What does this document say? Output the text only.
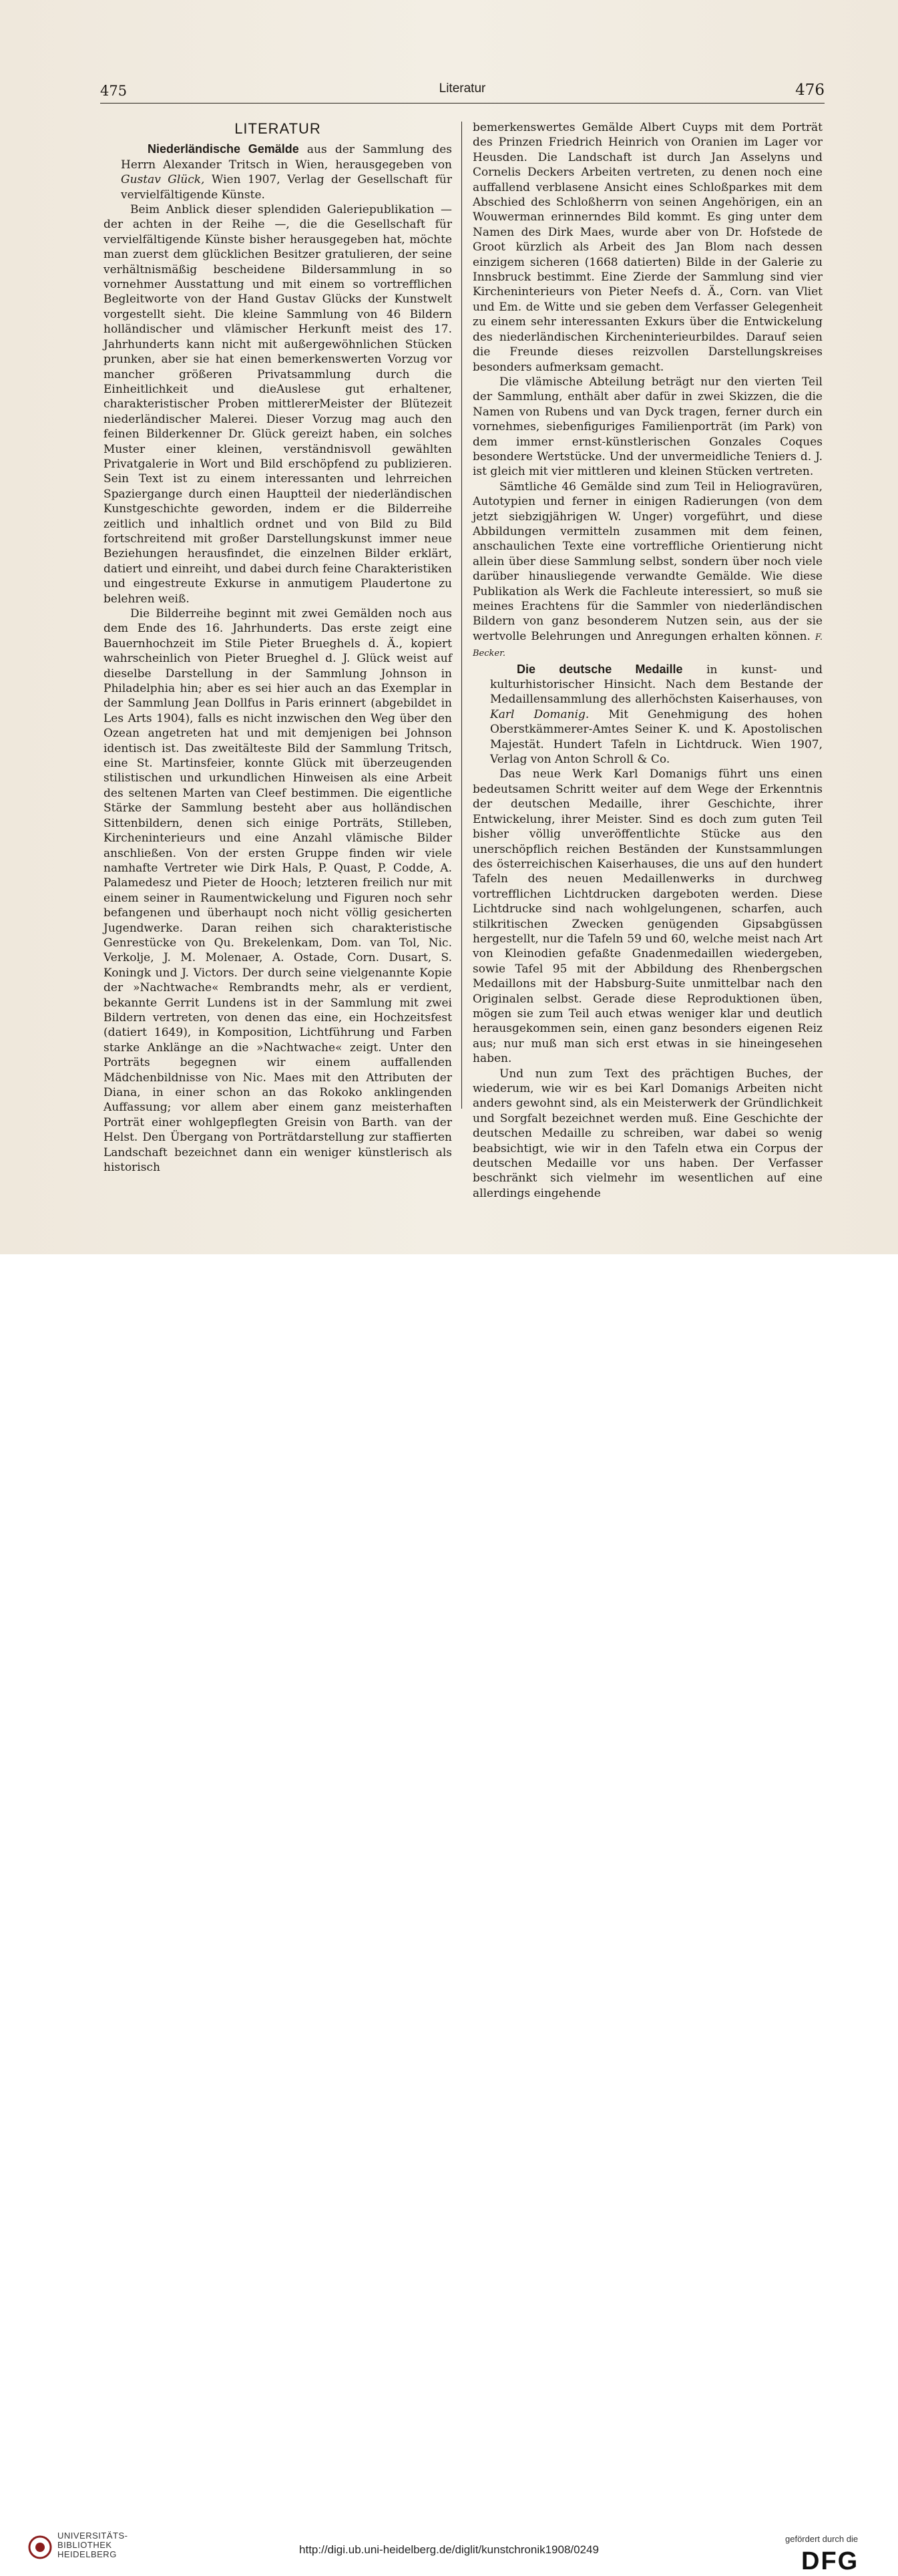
475	Literatur	476
LITERATUR

Niederländische Gemälde aus der Sammlung des Herrn Alexander Tritsch in Wien, herausgegeben von Gustav Glück, Wien 1907, Verlag der Gesellschaft für vervielfältigende Künste.

Beim Anblick dieser splendiden Galeriepublikation — der achten in der Reihe —, die die Gesellschaft für vervielfältigende Künste bisher herausgegeben hat, möchte man zuerst dem glücklichen Besitzer gratulieren, der seine verhältnismäßig bescheidene Bildersammlung in so vornehmer Ausstattung und mit einem so vortrefflichen Begleitworte von der Hand Gustav Glücks der Kunstwelt vorgestellt sieht. Die kleine Sammlung von 46 Bildern holländischer und vlämischer Herkunft meist des 17. Jahrhunderts kann nicht mit außergewöhnlichen Stücken prunken, aber sie hat einen bemerkenswerten Vorzug vor mancher größeren Privatsammlung durch die Einheitlichkeit und dieAuslese gut erhaltener, charakteristischer Proben mittlererMeister der Blütezeit niederländischer Malerei. Dieser Vorzug mag auch den feinen Bilderkenner Dr. Glück gereizt haben, ein solches Muster einer kleinen, verständnisvoll gewählten Privatgalerie in Wort und Bild erschöpfend zu publizieren. Sein Text ist zu einem interessanten und lehrreichen Spaziergange durch einen Hauptteil der niederländischen Kunstgeschichte geworden, indem er die Bilderreihe zeitlich und inhaltlich ordnet und von Bild zu Bild fortschreitend mit großer Darstellungskunst immer neue Beziehungen herausfindet, die einzelnen Bilder erklärt, datiert und einreiht, und dabei durch feine Charakteristiken und eingestreute Exkurse in anmutigem Plaudertone zu belehren weiß.

Die Bilderreihe beginnt mit zwei Gemälden noch aus dem Ende des 16. Jahrhunderts. Das erste zeigt eine Bauernhochzeit im Stile Pieter Brueghels d. Ä., kopiert wahrscheinlich von Pieter Brueghel d. J. Glück weist auf dieselbe Darstellung in der Sammlung Johnson in Philadelphia hin; aber es sei hier auch an das Exemplar in der Sammlung Jean Dollfus in Paris erinnert (abgebildet in Les Arts 1904), falls es nicht inzwischen den Weg über den Ozean angetreten hat und mit demjenigen bei Johnson identisch ist. Das zweitälteste Bild der Sammlung Tritsch, eine St. Martinsfeier, konnte Glück mit überzeugenden stilistischen und urkundlichen Hinweisen als eine Arbeit des seltenen Marten van Cleef bestimmen. Die eigentliche Stärke der Sammlung besteht aber aus holländischen Sittenbildern, denen sich einige Porträts, Stilleben, Kircheninterieurs und eine Anzahl vlämische Bilder anschließen. Von der ersten Gruppe finden wir viele namhafte Vertreter wie Dirk Hals, P. Quast, P. Codde, A. Palamedesz und Pieter de Hooch; letzteren freilich nur mit einem seiner in Raumentwickelung und Figuren noch sehr befangenen und überhaupt noch nicht völlig gesicherten Jugendwerke. Daran reihen sich charakteristische Genrestücke von Qu. Brekelenkam, Dom. van Tol, Nic. Verkolje, J. M. Molenaer, A. Ostade, Corn. Dusart, S. Koningk und J. Victors. Der durch seine vielgenannte Kopie der »Nachtwache« Rembrandts mehr, als er verdient, bekannte Gerrit Lundens ist in der Sammlung mit zwei Bildern vertreten, von denen das eine, ein Hochzeitsfest (datiert 1649), in Komposition, Lichtführung und Farben starke Anklänge an die »Nachtwache« zeigt. Unter den Porträts begegnen wir einem auffallenden Mädchenbildnisse von Nic. Maes mit den Attributen der Diana, in einer schon an das Rokoko anklingenden Auffassung; vor allem aber einem ganz meisterhaften Porträt einer wohlgepflegten Greisin von Barth. van der Helst. Den Übergang von Porträtdarstellung zur staffierten Landschaft bezeichnet dann ein weniger künstlerisch als historisch

bemerkenswertes Gemälde Albert Cuyps mit dem Porträt des Prinzen Friedrich Heinrich von Oranien im Lager vor Heusden. Die Landschaft ist durch Jan Asselyns und Cornelis Deckers Arbeiten vertreten, zu denen noch eine auffallend verblasene Ansicht eines Schloßparkes mit dem Abschied des Schloßherrn von seinen Angehörigen, ein an Wouwerman erinnerndes Bild kommt. Es ging unter dem Namen des Dirk Maes, wurde aber von Dr. Hofstede de Groot kürzlich als Arbeit des Jan Blom nach dessen einzigem sicheren (1668 datierten) Bilde in der Galerie zu Innsbruck bestimmt. Eine Zierde der Sammlung sind vier Kircheninterieurs von Pieter Neefs d. Ä., Corn. van Vliet und Em. de Witte und sie geben dem Verfasser Gelegenheit zu einem sehr interessanten Exkurs über die Entwickelung des niederländischen Kircheninterieurbildes. Darauf seien die Freunde dieses reizvollen Darstellungskreises besonders aufmerksam gemacht.

Die vlämische Abteilung beträgt nur den vierten Teil der Sammlung, enthält aber dafür in zwei Skizzen, die die Namen von Rubens und van Dyck tragen, ferner durch ein vornehmes, siebenfiguriges Familienporträt (im Park) von dem immer ernst-künstlerischen Gonzales Coques besondere Wertstücke. Und der unvermeidliche Teniers d. J. ist gleich mit vier mittleren und kleinen Stücken vertreten.

Sämtliche 46 Gemälde sind zum Teil in Heliogravüren, Autotypien und ferner in einigen Radierungen (von dem jetzt siebzigjährigen W. Unger) vorgeführt, und diese Abbildungen vermitteln zusammen mit dem feinen, anschaulichen Texte eine vortreffliche Orientierung nicht allein über diese Sammlung selbst, sondern über noch viele darüber hinausliegende verwandte Gemälde. Wie diese Publikation als Werk die Fachleute interessiert, so muß sie meines Erachtens für die Sammler von niederländischen Bildern von ganz besonderem Nutzen sein, aus der sie wertvolle Belehrungen und Anregungen erhalten können. F. Becker.

Die deutsche Medaille in kunst- und kulturhistorischer Hinsicht. Nach dem Bestande der Medaillensammlung des allerhöchsten Kaiserhauses, von Karl Domanig. Mit Genehmigung des hohen Oberstkämmerer-Amtes Seiner K. und K. Apostolischen Majestät. Hundert Tafeln in Lichtdruck. Wien 1907, Verlag von Anton Schroll & Co.

Das neue Werk Karl Domanigs führt uns einen bedeutsamen Schritt weiter auf dem Wege der Erkenntnis der deutschen Medaille, ihrer Geschichte, ihrer Entwickelung, ihrer Meister. Sind es doch zum guten Teil bisher völlig unveröffentlichte Stücke aus den unerschöpflich reichen Beständen der Kunstsammlungen des österreichischen Kaiserhauses, die uns auf den hundert Tafeln des neuen Medaillenwerks in durchweg vortrefflichen Lichtdrucken dargeboten werden. Diese Lichtdrucke sind nach wohlgelungenen, scharfen, auch stilkritischen Zwecken genügenden Gipsabgüssen hergestellt, nur die Tafeln 59 und 60, welche meist nach Art von Kleinodien gefaßte Gnadenmedaillen wiedergeben, sowie Tafel 95 mit der Abbildung des Rhenbergschen Medaillons mit der Habsburg-Suite unmittelbar nach den Originalen selbst. Gerade diese Reproduktionen üben, mögen sie zum Teil auch etwas weniger klar und deutlich herausgekommen sein, einen ganz besonders eigenen Reiz aus; nur muß man sich erst etwas in sie hineingesehen haben.

Und nun zum Text des prächtigen Buches, der wiederum, wie wir es bei Karl Domanigs Arbeiten nicht anders gewohnt sind, als ein Meisterwerk der Gründlichkeit und Sorgfalt bezeichnet werden muß. Eine Geschichte der deutschen Medaille zu schreiben, war dabei so wenig beabsichtigt, wie wir in den Tafeln etwa ein Corpus der deutschen Medaille vor uns haben. Der Verfasser beschränkt sich vielmehr im wesentlichen auf eine allerdings eingehende

UNIVERSITÄTS-
BIBLIOTHEK
HEIDELBERG	http://digi.ub.uni-heidelberg.de/diglit/kunstchronik1908/0249
gefördert durch die
DFG
